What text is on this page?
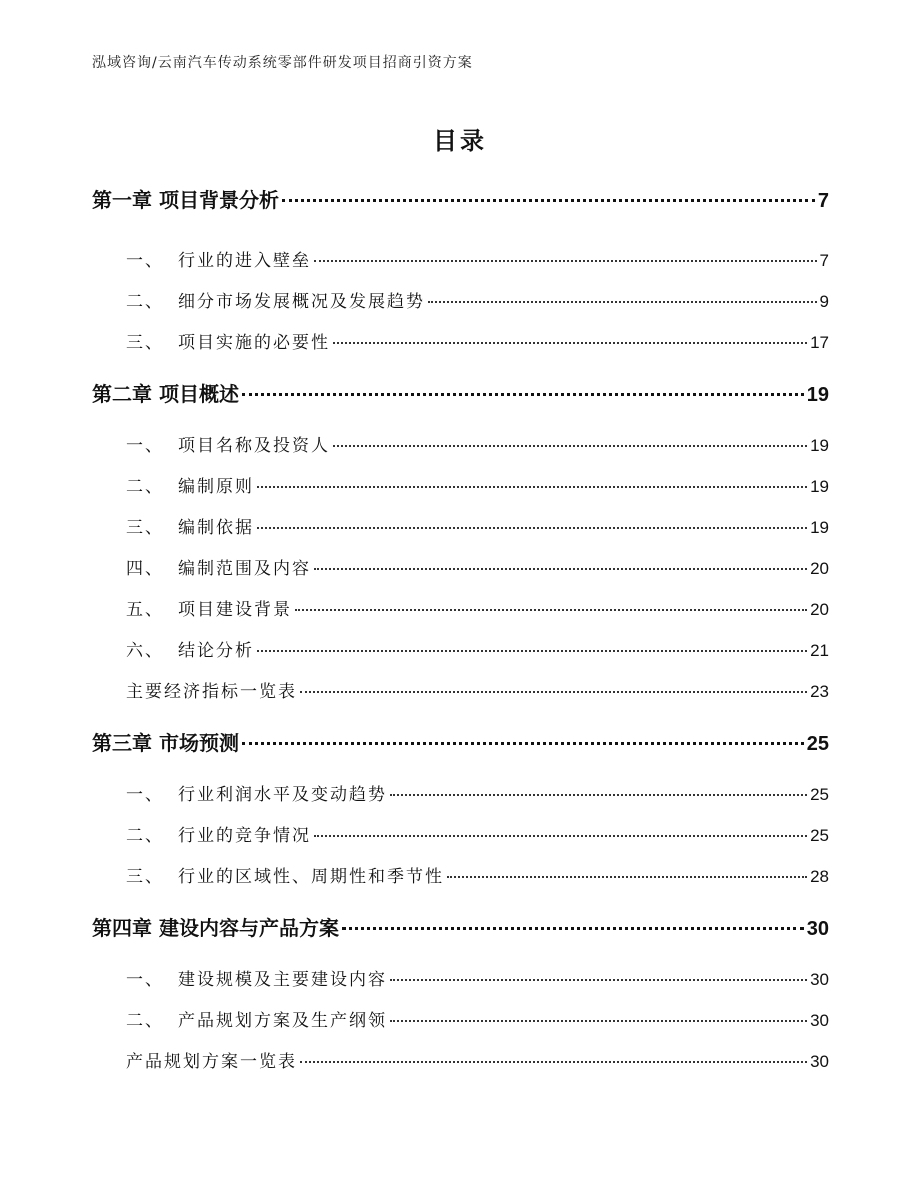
泓域咨询/云南汽车传动系统零部件研发项目招商引资方案
目录
第一章 项目背景分析	7
一、 行业的进入壁垒	7
二、 细分市场发展概况及发展趋势	9
三、 项目实施的必要性	17
第二章 项目概述	19
一、 项目名称及投资人	19
二、 编制原则	19
三、 编制依据	19
四、 编制范围及内容	20
五、 项目建设背景	20
六、 结论分析	21
主要经济指标一览表	23
第三章 市场预测	25
一、 行业利润水平及变动趋势	25
二、 行业的竞争情况	25
三、 行业的区域性、周期性和季节性	28
第四章 建设内容与产品方案	30
一、 建设规模及主要建设内容	30
二、 产品规划方案及生产纲领	30
产品规划方案一览表	30
